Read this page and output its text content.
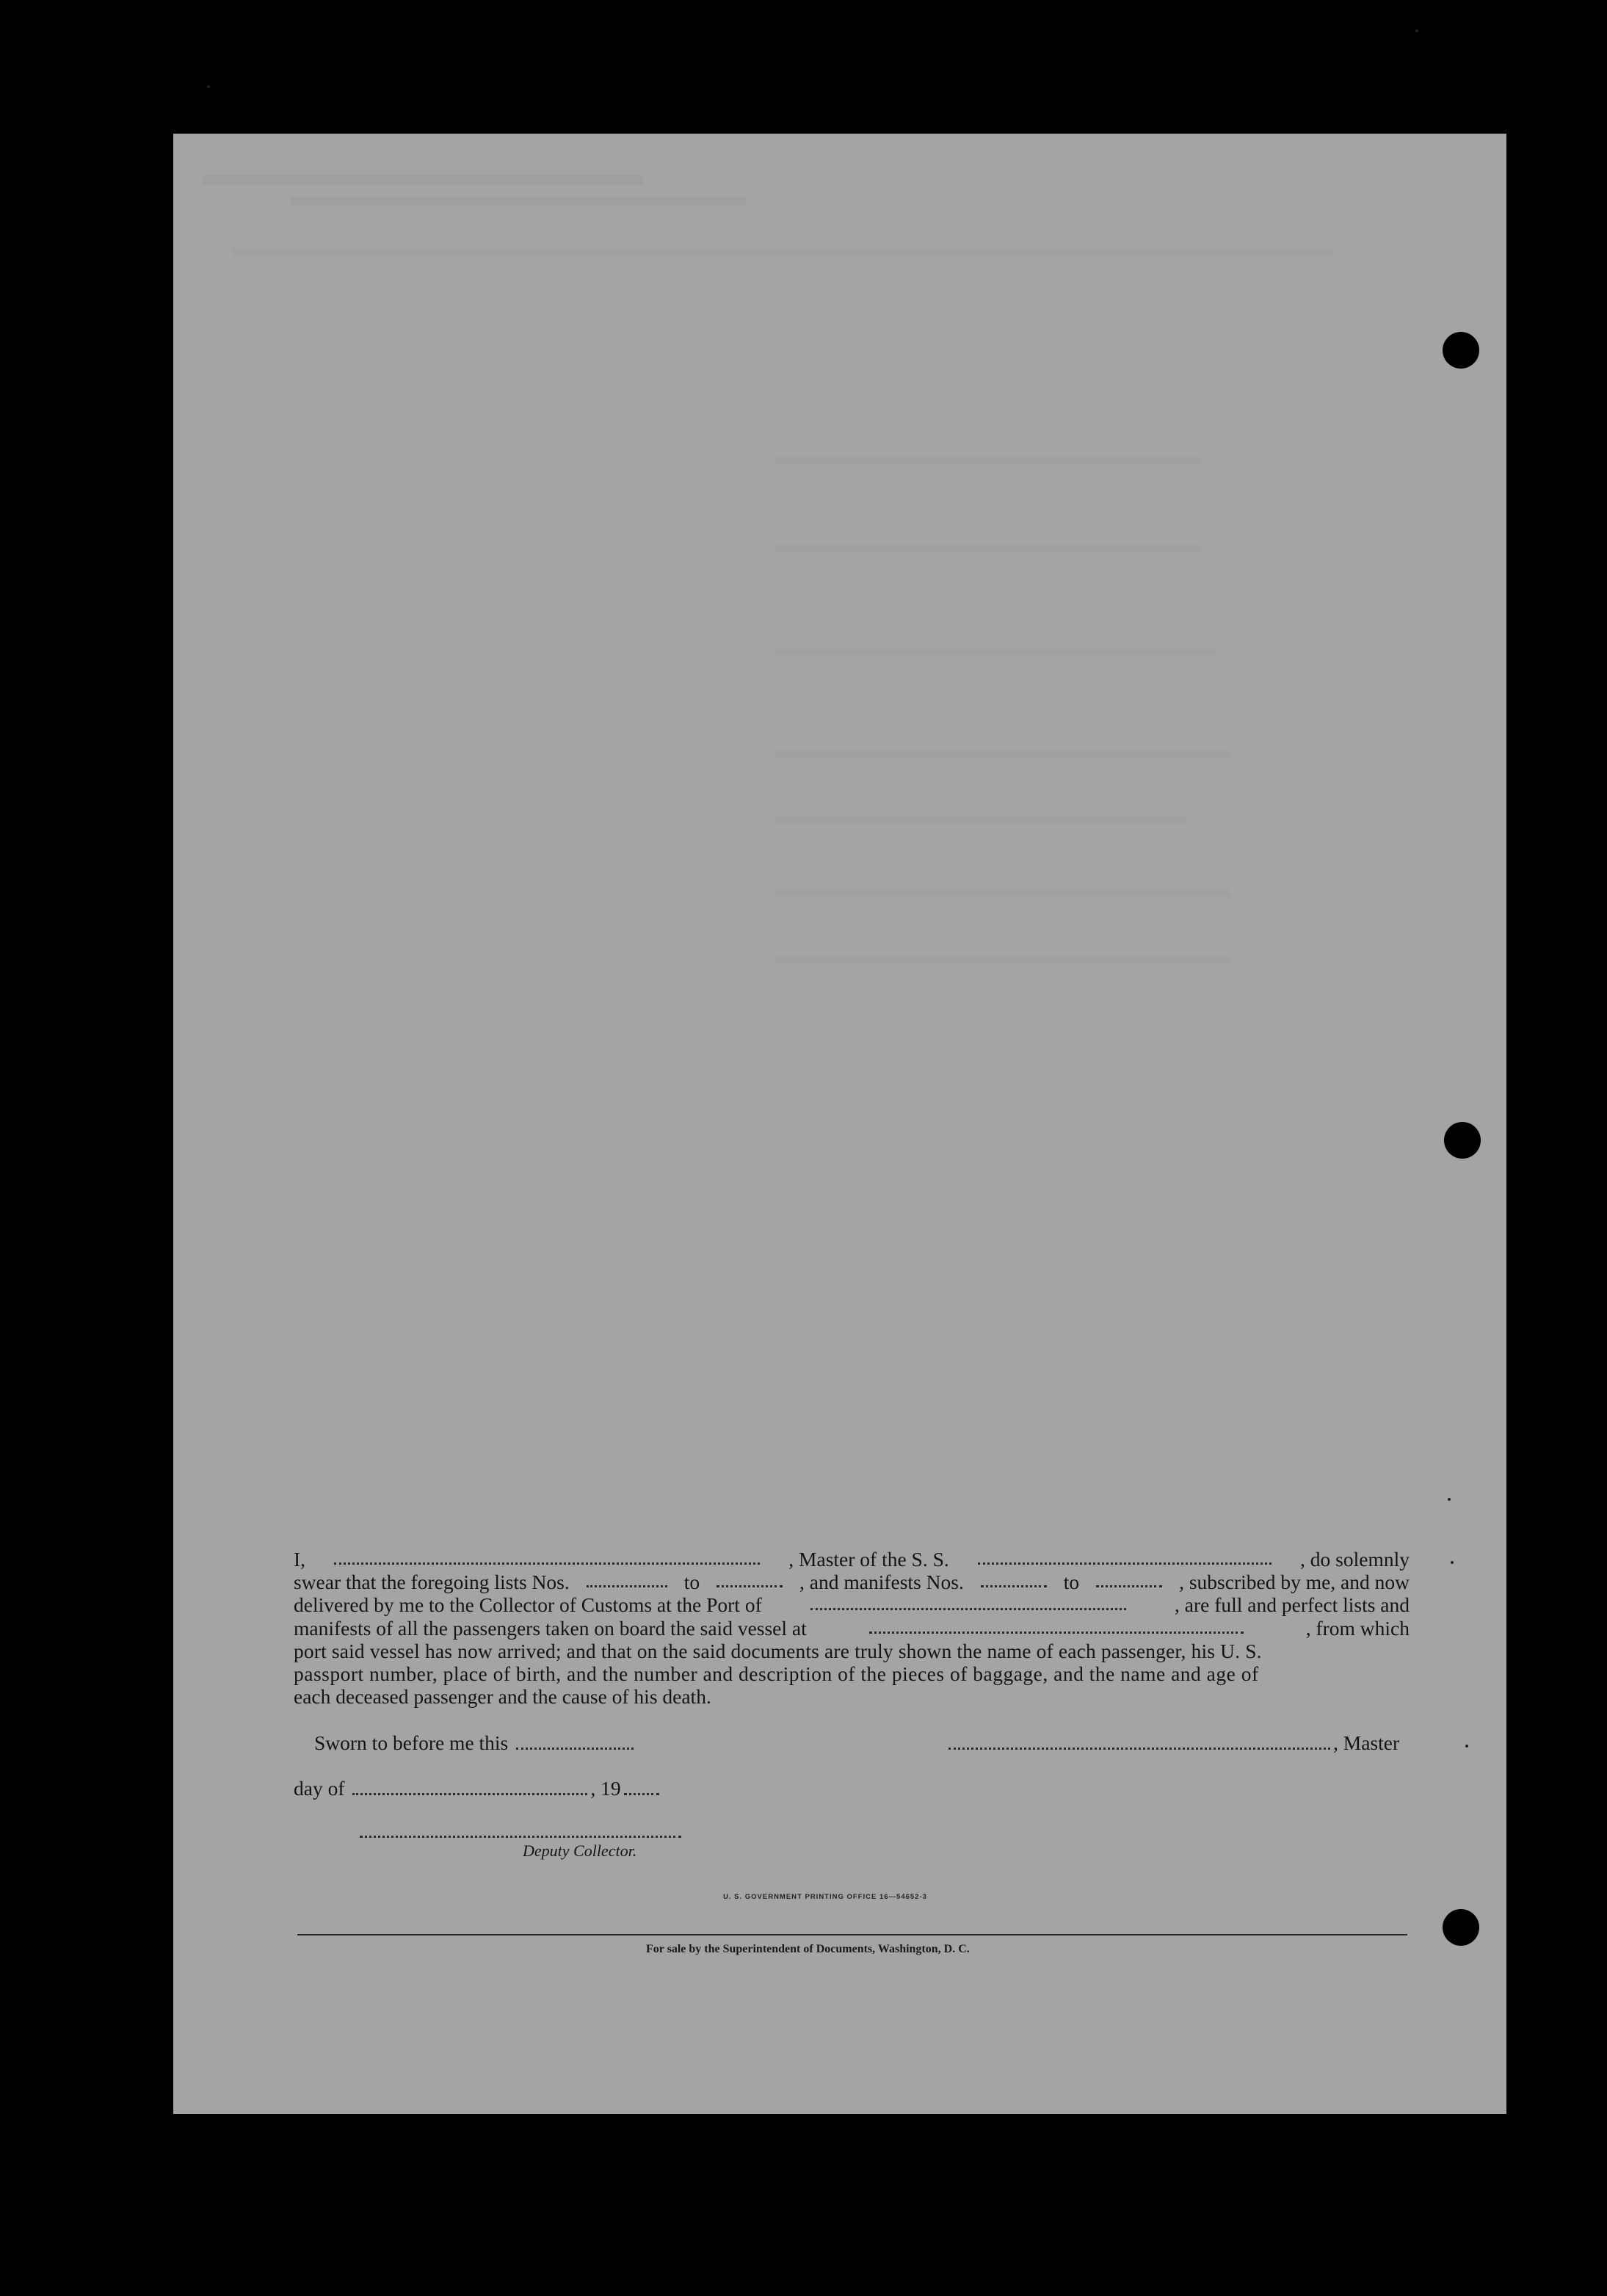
I,	, Master of the S. S.	, do solemnly
swear that the foregoing lists Nos.	to	, and manifests Nos.	to	, subscribed by me, and now
delivered by me to the Collector of Customs at the Port of	, are full and perfect lists and
manifests of all the passengers taken on board the said vessel at	, from which
port said vessel has now arrived; and that on the said documents are truly shown the name of each passenger, his U. S.
passport number, place of birth, and the number and description of the pieces of baggage, and the name and age of
each deceased passenger and the cause of his death.
Sworn to before me this	, Master
day of	, 19
Deputy Collector.
U. S. GOVERNMENT PRINTING OFFICE 16—54652-3
For sale by the Superintendent of Documents, Washington, D. C.
